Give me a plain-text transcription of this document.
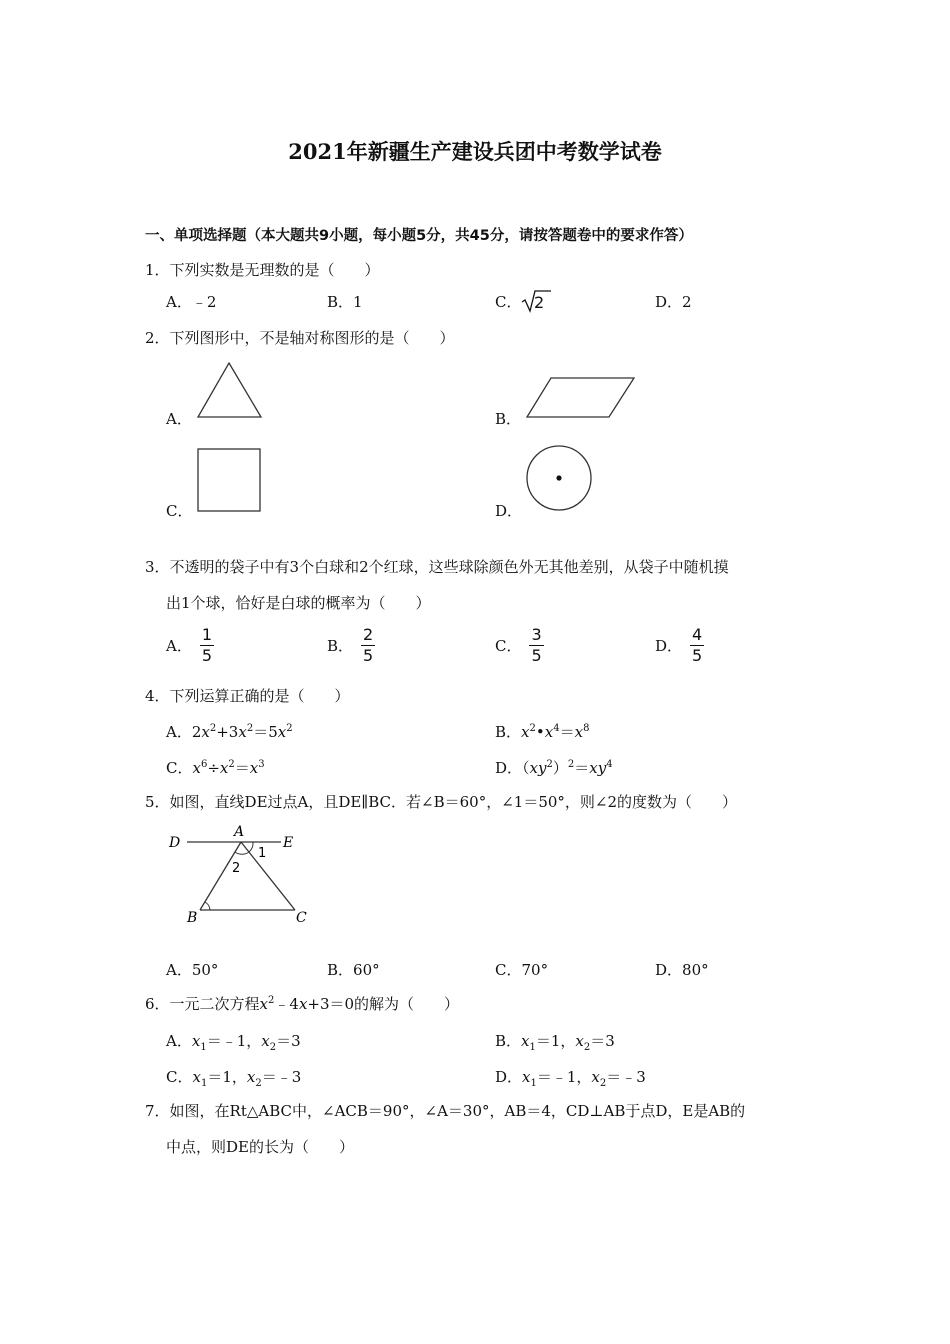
2021年新疆生产建设兵团中考数学试卷
一、单项选择题（本大题共9小题，每小题5分，共45分，请按答题卷中的要求作答）
1．下列实数是无理数的是（　　）
A．﹣2	B．1	C． 2	D．2
2．下列图形中，不是轴对称图形的是（　　）
A．	B．
C．	D．
3．不透明的袋子中有3个白球和2个红球，这些球除颜色外无其他差别，从袋子中随机摸
出1个球，恰好是白球的概率为（　　）
A． $\frac{1}{5}$	B． $\frac{2}{5}$	C． $\frac{3}{5}$	D． $\frac{4}{5}$
4．下列运算正确的是（　　）
A．$2x^2+3x^2=5x^2$	B．$x^2•x^4=x^8$
C．$x^6\div x^2=x^3$	D．$(xy^2)^2=xy^4$
5．如图，直线DE过点A，且DE∥BC．若∠B＝60°，∠1＝50°，则∠2的度数为（　　）
D
A
E
1
2
B	C
A．50°	B．60°	C．70°	D．80°
6．一元二次方程$x^2﹣4x+3=0$的解为（　　）
A．$x_1=﹣1$，$x_2=3$	B．$x_1=1$，$x_2=3$
C．$x_1=1$，$x_2=﹣3$	D．$x_1=﹣1$，$x_2=﹣3$
7．如图，在Rt△ABC中，∠ACB＝90°，∠A＝30°，AB＝4，CD⊥AB于点D，E是AB的
中点，则DE的长为（　　）
